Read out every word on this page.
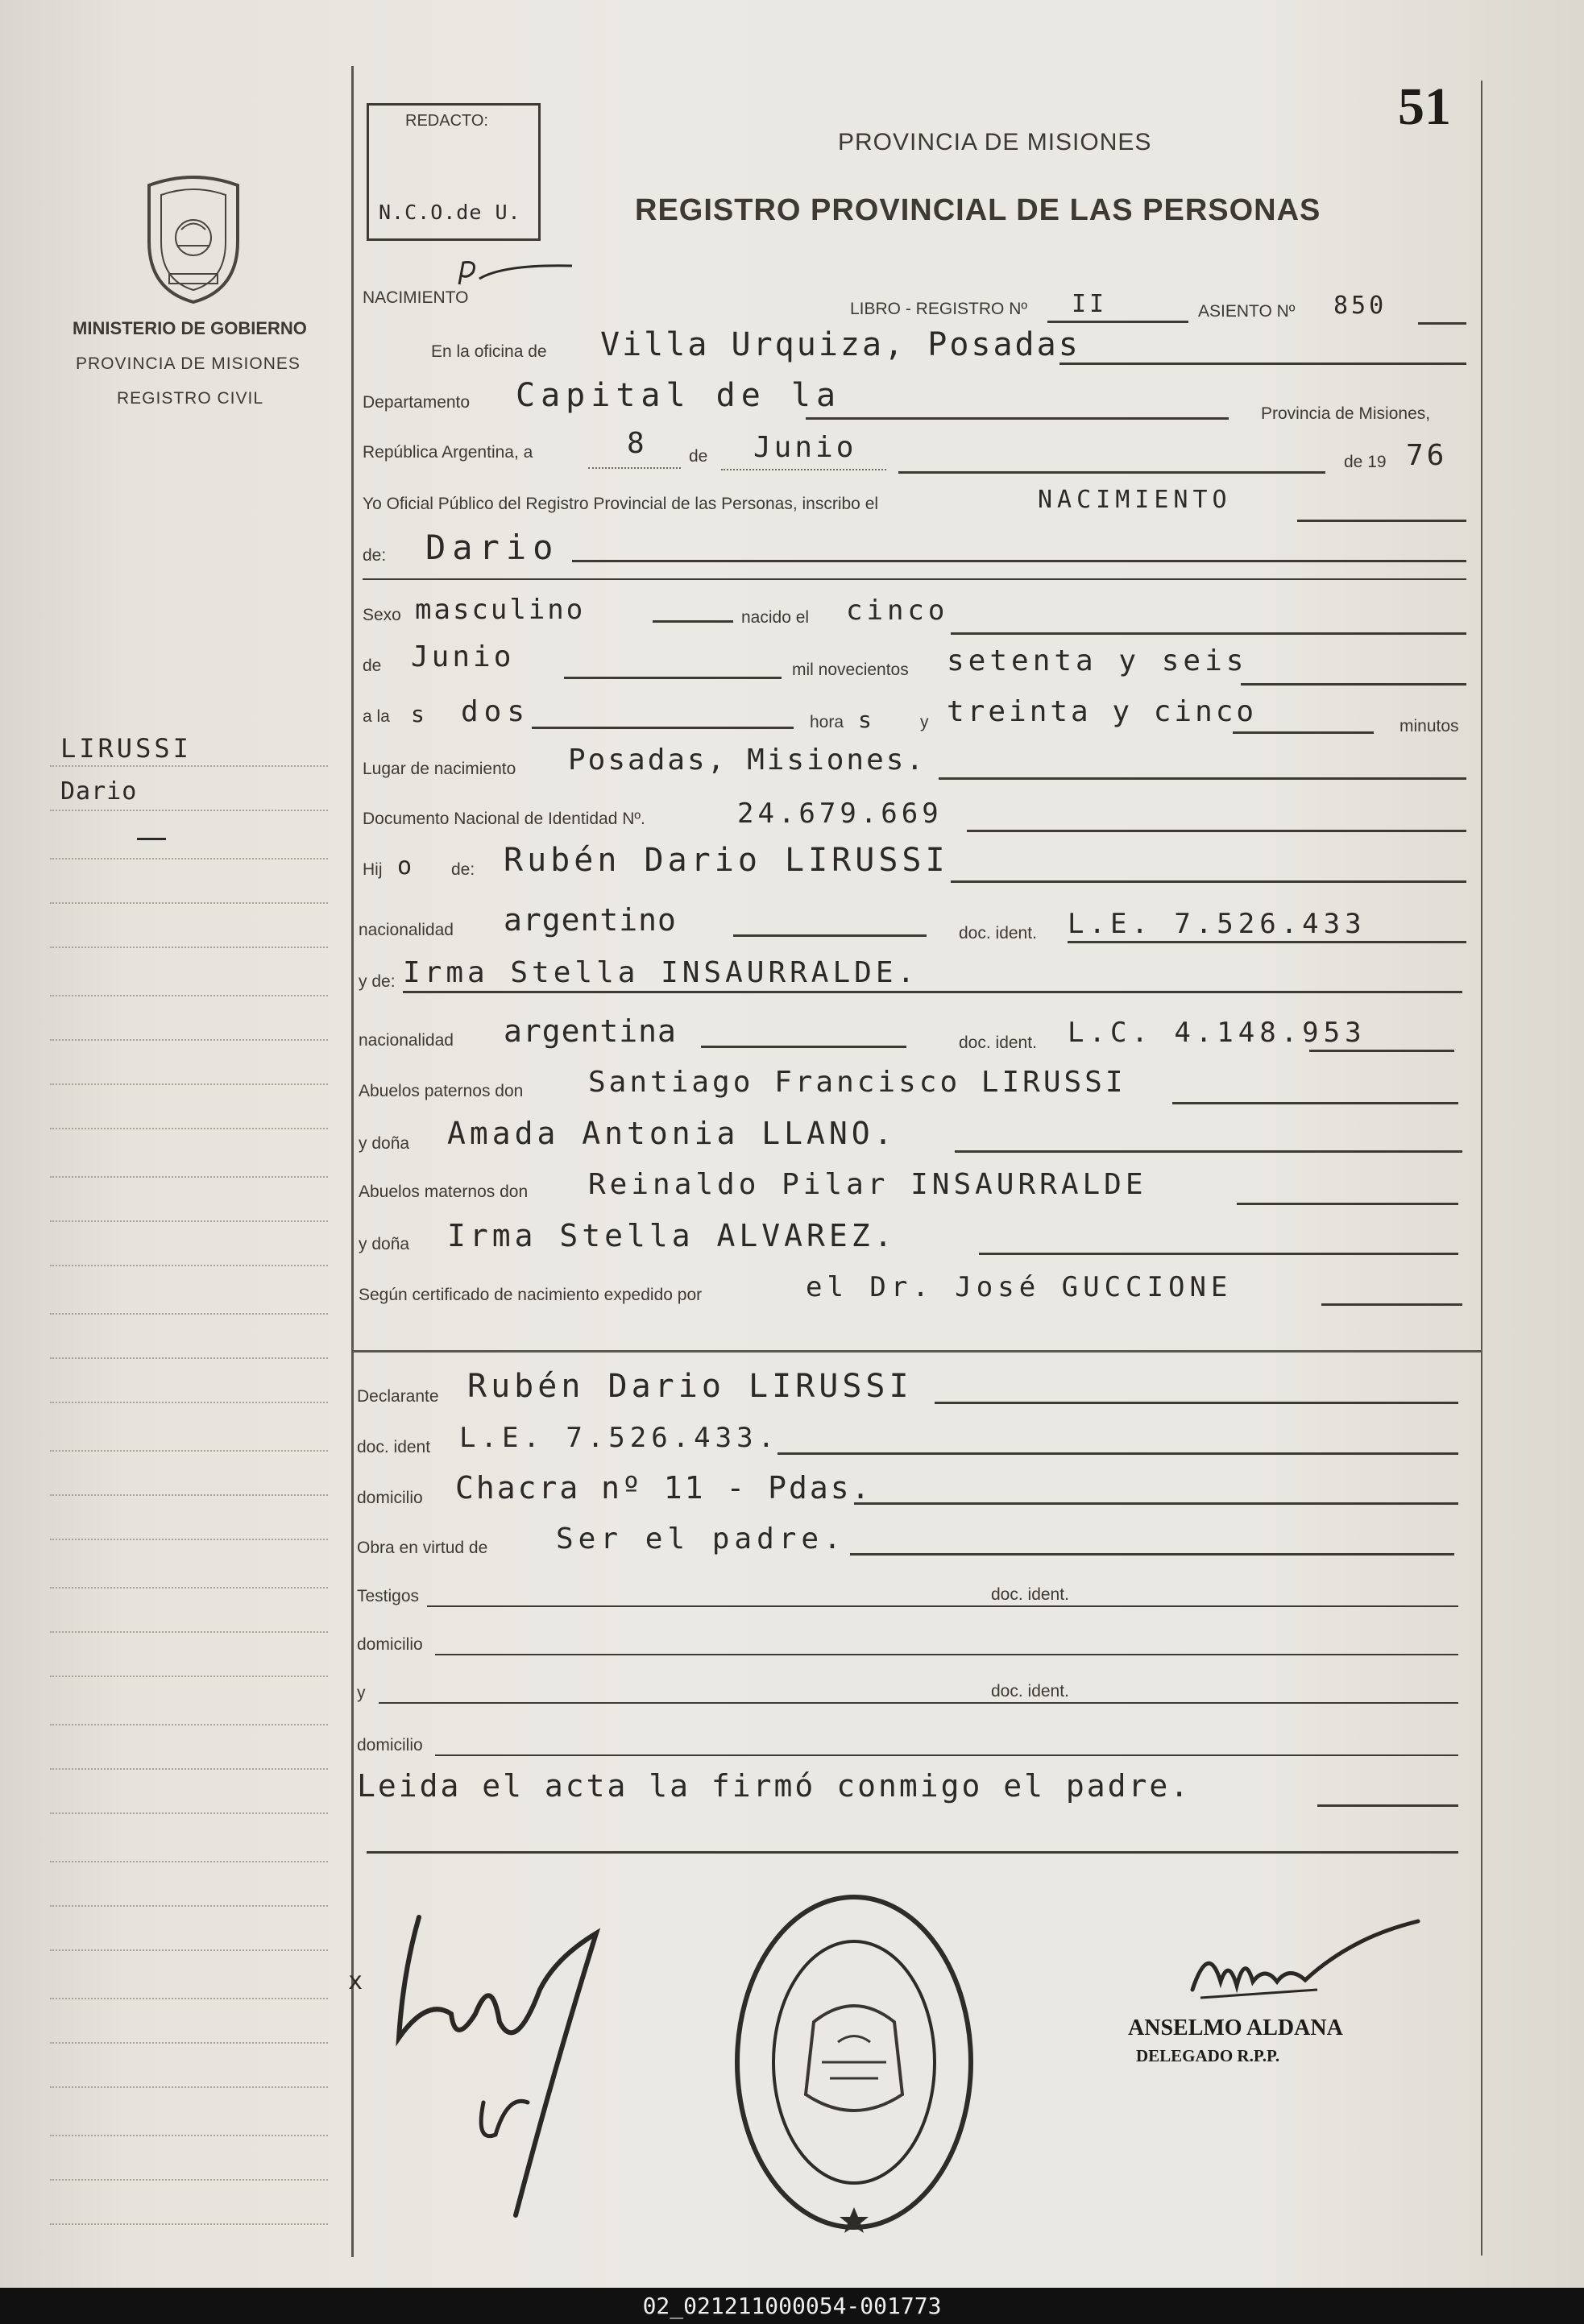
MINISTERIO DE GOBIERNO
PROVINCIA DE MISIONES
REGISTRO CIVIL
LIRUSSI
Dario
REDACTO:
N.C.O.de U.
51
PROVINCIA DE MISIONES
REGISTRO PROVINCIAL DE LAS PERSONAS
NACIMIENTO
LIBRO - REGISTRO Nº II	ASIENTO Nº 850
En la oficina de Villa Urquiza, Posadas
Departamento Capital de la	Provincia de Misiones,
República Argentina, a	8 de Junio	de 19 76
Yo Oficial Público del Registro Provincial de las Personas, inscribo el	NACIMIENTO
de: Dario
Sexo masculino	nacido el cinco
de Junio	mil novecientos setenta y seis
a la s dos	hora s	y treinta y cinco	minutos
Lugar de nacimiento Posadas, Misiones.
Documento Nacional de Identidad Nº.	24.679.669
Hij o de: Rubén Dario LIRUSSI
nacionalidad argentino	doc. ident. L.E. 7.526.433
y de: Irma Stella INSAURRALDE.
nacionalidad argentina	doc. ident. L.C. 4.148.953
Abuelos paternos don Santiago Francisco LIRUSSI
y doña Amada Antonia LLANO.
Abuelos maternos don Reinaldo Pilar INSAURRALDE
y doña Irma Stella ALVAREZ.
Según certificado de nacimiento expedido por	el Dr. José GUCCIONE
Declarante Rubén Dario LIRUSSI
doc. ident L.E. 7.526.433.
domicilio Chacra nº 11 - Pdas.
Obra en virtud de Ser el padre.
Testigos	doc. ident.
domicilio
y	doc. ident.
domicilio
Leida el acta la firmó conmigo el padre.
x
ANSELMO ALDANA
DELEGADO R.P.P.
02_021211000054-001773
